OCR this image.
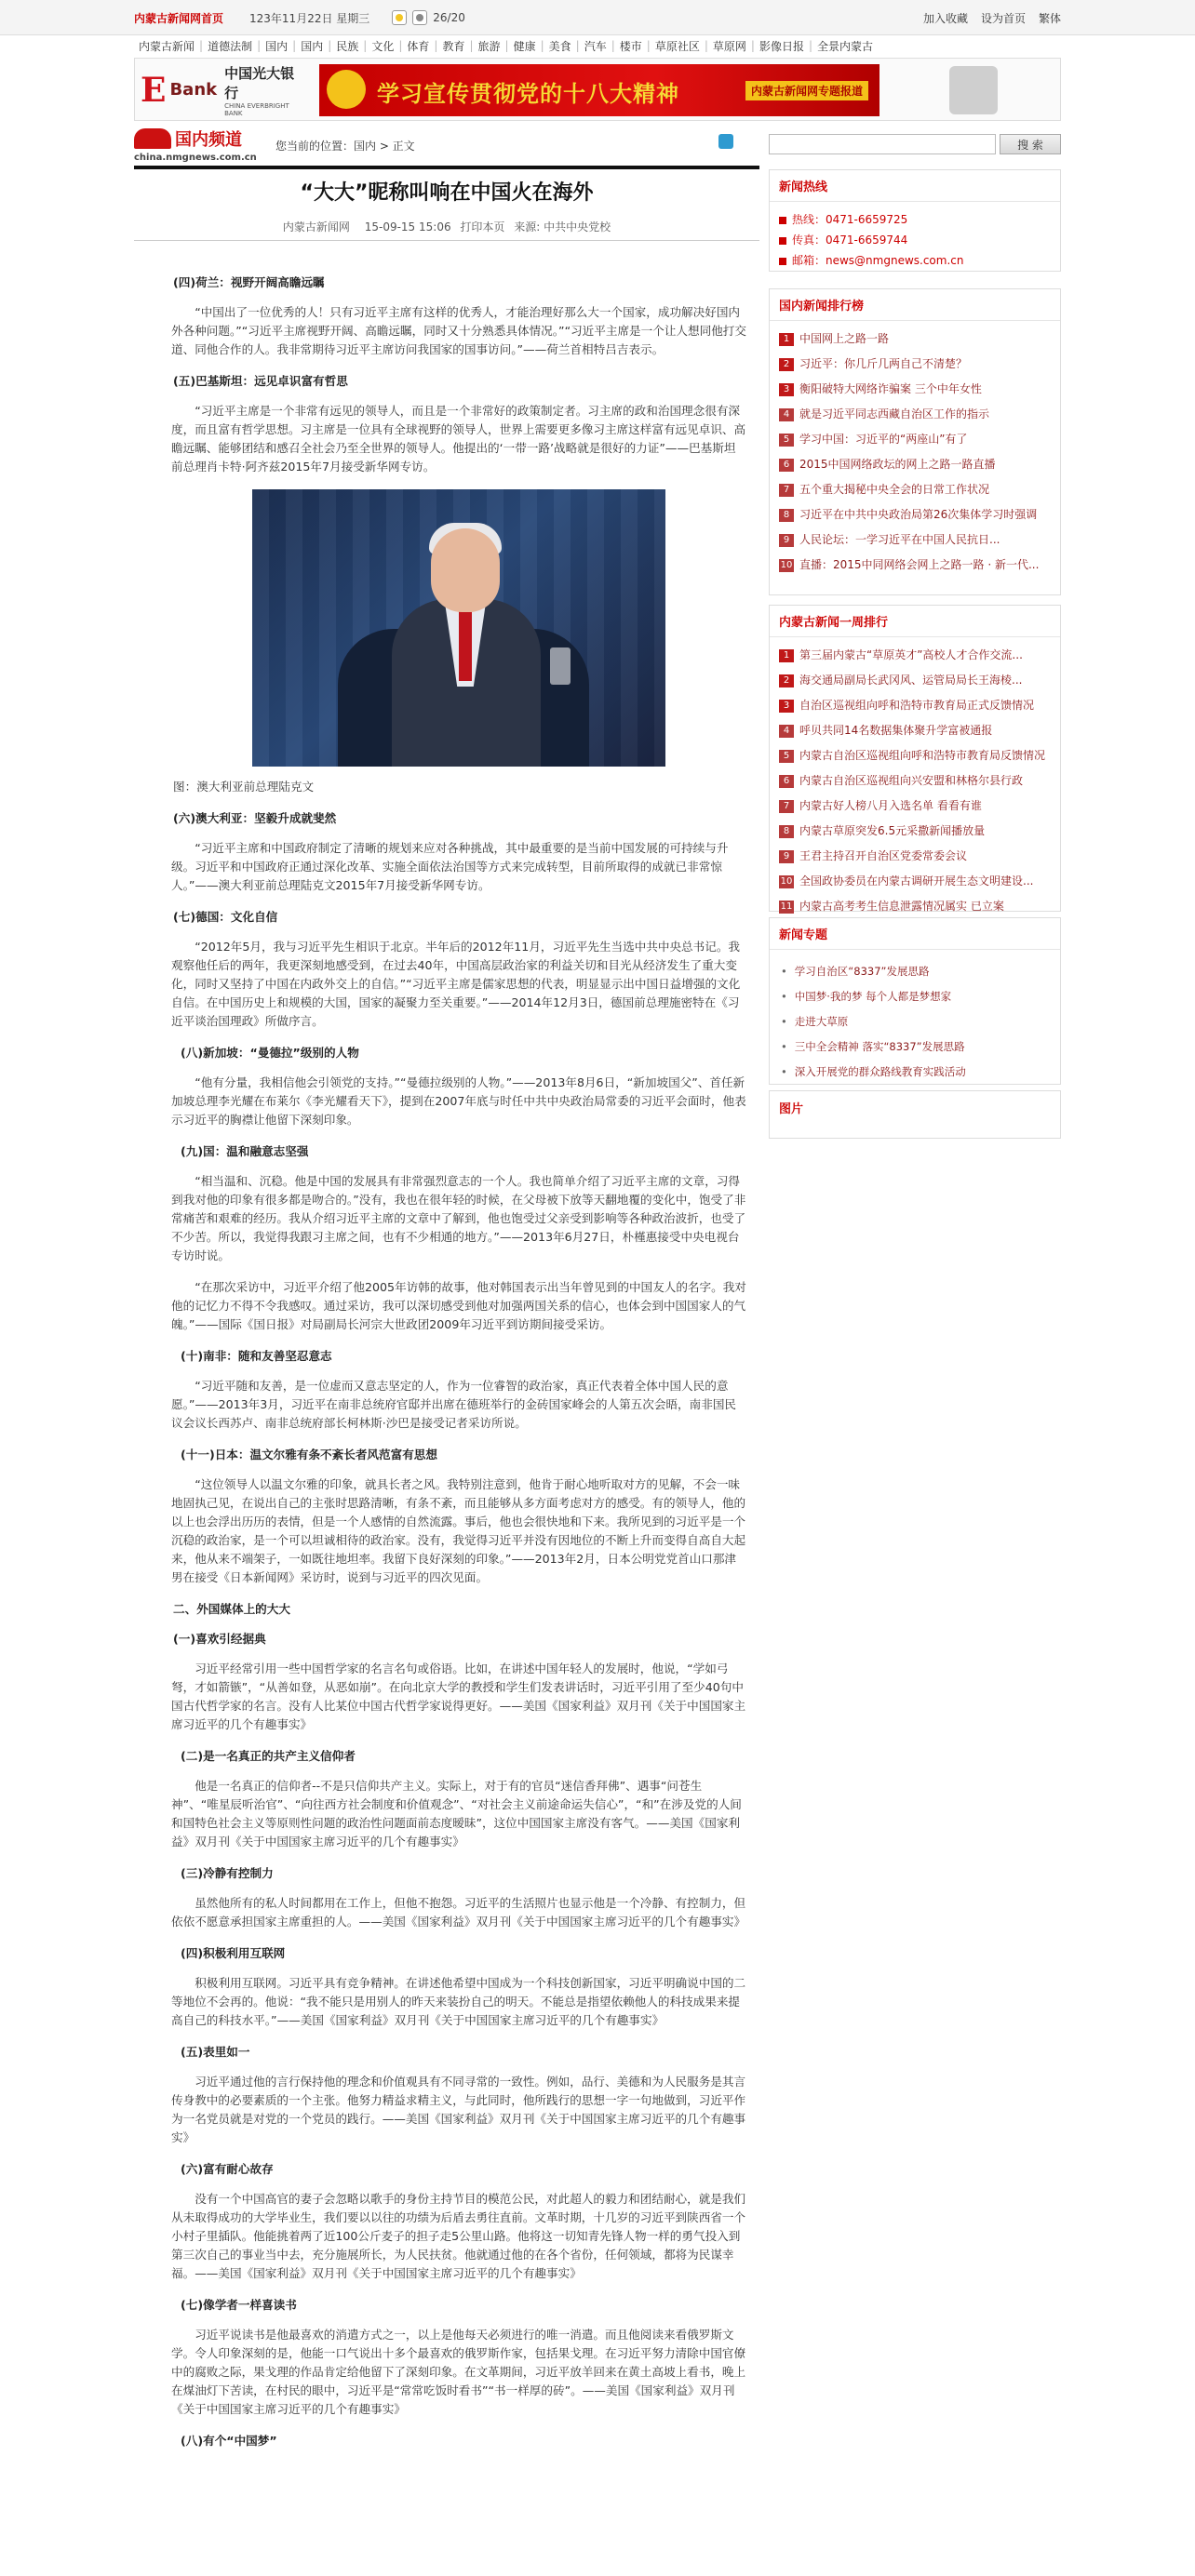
内蒙古新闻网首页 123年11月22日 星期三	26/20	加入收藏 设为首页 繁体
内蒙古新闻 | 道德法制 | 国内 | 国内 | 民族 | 文化 | 体育 | 教育 | 旅游 | 健康 | 美食 | 汽车 | 楼市 | 草原社区 | 草原网 | 影像日报 | 全景内蒙古
E Bank
中国光大银行
CHINA EVERBRIGHT BANK
学习宣传贯彻党的十八大精神	内蒙古新闻网专题报道
国内频道
china.nmgnews.com.cn
您当前的位置：国内 > 正文	搜 索
“大大”昵称叫响在中国火在海外
内蒙古新闻网 15-09-15 15:06 打印本页 来源: 中共中央党校

(四)荷兰：视野开阔高瞻远瞩

“中国出了一位优秀的人！只有习近平主席有这样的优秀人，才能治理好那么大一个国家，成功解决好国内外各种问题。”“习近平主席视野开阔、高瞻远瞩，同时又十分熟悉具体情况。”“习近平主席是一个让人想同他打交道、同他合作的人。我非常期待习近平主席访问我国家的国事访问。”——荷兰首相特吕吉表示。

(五)巴基斯坦：远见卓识富有哲思

“习近平主席是一个非常有远见的领导人，而且是一个非常好的政策制定者。习主席的政和治国理念很有深度，而且富有哲学思想。习主席是一位具有全球视野的领导人，世界上需要更多像习主席这样富有远见卓识、高瞻远瞩、能够团结和感召全社会乃至全世界的领导人。他提出的‘一带一路’战略就是很好的力证”——巴基斯坦前总理肖卡特·阿齐兹2015年7月接受新华网专访。

图：澳大利亚前总理陆克文

(六)澳大利亚：坚毅升成就斐然

“习近平主席和中国政府制定了清晰的规划来应对各种挑战，其中最重要的是当前中国发展的可持续与升级。习近平和中国政府正通过深化改革、实施全面依法治国等方式来完成转型，目前所取得的成就已非常惊人。”——澳大利亚前总理陆克文2015年7月接受新华网专访。

(七)德国：文化自信

“2012年5月，我与习近平先生相识于北京。半年后的2012年11月，习近平先生当选中共中央总书记。我观察他任后的两年，我更深刻地感受到，在过去40年，中国高层政治家的利益关切和目光从经济发生了重大变化，同时又坚持了中国在内政外交上的自信。”“习近平主席是儒家思想的代表，明显显示出中国日益增强的文化自信。在中国历史上和规模的大国，国家的凝聚力至关重要。”——2014年12月3日，德国前总理施密特在《习近平谈治国理政》所做序言。

(八)新加坡：“曼德拉”级别的人物

“他有分量，我相信他会引领党的支持。”“曼德拉级别的人物。”——2013年8月6日，“新加坡国父”、首任新加坡总理李光耀在布莱尔《李光耀看天下》，提到在2007年底与时任中共中央政治局常委的习近平会面时，他表示习近平的胸襟让他留下深刻印象。

(九)国：温和融意志坚强

“相当温和、沉稳。他是中国的发展具有非常强烈意志的一个人。我也简单介绍了习近平主席的文章，习得到我对他的印象有很多都是吻合的。”没有，我也在很年轻的时候，在父母被下放等天翻地覆的变化中，饱受了非常痛苦和艰难的经历。我从介绍习近平主席的文章中了解到，他也饱受过父亲受到影响等各种政治波折，也受了不少苦。所以，我觉得我跟习主席之间，也有不少相通的地方。”——2013年6月27日，朴槿惠接受中央电视台专访时说。

“在那次采访中，习近平介绍了他2005年访韩的故事，他对韩国表示出当年曾见到的中国友人的名字。我对他的记忆力不得不令我感叹。通过采访，我可以深切感受到他对加强两国关系的信心，也体会到中国国家人的气魄。”——国际《国日报》对局副局长河宗大世政团2009年习近平到访期间接受采访。

(十)南非：随和友善坚忍意志

“习近平随和友善，是一位虚而又意志坚定的人，作为一位睿智的政治家，真正代表着全体中国人民的意愿。”——2013年3月，习近平在南非总统府官邸并出席在德班举行的金砖国家峰会的人第五次会晤，南非国民议会议长西苏卢、南非总统府部长柯林斯·沙巴是接受记者采访所说。

(十一)日本：温文尔雅有条不紊长者风范富有思想

“这位领导人以温文尔雅的印象，就具长者之风。我特别注意到，他肯于耐心地听取对方的见解，不会一味地固执己见，在说出自己的主张时思路清晰，有条不紊，而且能够从多方面考虑对方的感受。有的领导人，他的以上也会浮出历历的表情，但是一个人感情的自然流露。事后，他也会很快地和下来。我所见到的习近平是一个沉稳的政治家，是一个可以坦诚相待的政治家。没有，我觉得习近平并没有因地位的不断上升而变得自高自大起来，他从来不端架子，一如既往地坦率。我留下良好深刻的印象。”——2013年2月，日本公明党党首山口那津男在接受《日本新闻网》采访时，说到与习近平的四次见面。

二、外国媒体上的大大

(一)喜欢引经据典

习近平经常引用一些中国哲学家的名言名句或俗语。比如，在讲述中国年轻人的发展时，他说，“学如弓弩，才如箭镞”，“从善如登，从恶如崩”。在向北京大学的教授和学生们发表讲话时，习近平引用了至少40句中国古代哲学家的名言。没有人比某位中国古代哲学家说得更好。——美国《国家利益》双月刊《关于中国国家主席习近平的几个有趣事实》

(二)是一名真正的共产主义信仰者

他是一名真正的信仰者--不是只信仰共产主义。实际上，对于有的官员“迷信香拜佛”、遇事“问苍生神”、“唯星辰听治官”、“向往西方社会制度和价值观念”、“对社会主义前途命运失信心”，“和”在涉及党的人间和国特色社会主义等原则性问题的政治性问题面前态度暧昧”，这位中国国家主席没有客气。——美国《国家利益》双月刊《关于中国国家主席习近平的几个有趣事实》

(三)冷静有控制力

虽然他所有的私人时间都用在工作上，但他不抱怨。习近平的生活照片也显示他是一个冷静、有控制力，但依依不愿意承担国家主席重担的人。——美国《国家利益》双月刊《关于中国国家主席习近平的几个有趣事实》

(四)积极利用互联网

积极利用互联网。习近平具有竞争精神。在讲述他希望中国成为一个科技创新国家，习近平明确说中国的二等地位不会再的。他说：“我不能只是用别人的昨天来装扮自己的明天。不能总是指望依赖他人的科技成果来提高自己的科技水平。”——美国《国家利益》双月刊《关于中国国家主席习近平的几个有趣事实》

(五)表里如一

习近平通过他的言行保持他的理念和价值观具有不同寻常的一致性。例如，品行、美德和为人民服务是其言传身教中的必要素质的一个主张。他努力精益求精主义，与此同时，他所践行的思想一字一句地做到，习近平作为一名党员就是对党的一个党员的践行。——美国《国家利益》双月刊《关于中国国家主席习近平的几个有趣事实》

(六)富有耐心故存

没有一个中国高官的妻子会忽略以歌手的身份主持节目的模范公民，对此超人的毅力和团结耐心，就是我们从未取得成功的大学毕业生，我们要以以往的功绩为后盾去勇往直前。文革时期，十几岁的习近平到陕西省一个小村子里插队。他能挑着两了近100公斤麦子的担子走5公里山路。他将这一切知青先锋人物一样的勇气投入到第三次自己的事业当中去，充分施展所长，为人民扶贫。他就通过他的在各个省份，任何领域，都将为民谋幸福。——美国《国家利益》双月刊《关于中国国家主席习近平的几个有趣事实》

(七)像学者一样喜读书

习近平说读书是他最喜欢的消遣方式之一，以上是他每天必须进行的唯一消遣。而且他阅读来看俄罗斯文学。令人印象深刻的是，他能一口气说出十多个最喜欢的俄罗斯作家，包括果戈理。在习近平努力清除中国官僚中的腐败之际，果戈理的作品肯定给他留下了深刻印象。在文革期间，习近平放羊回来在黄土高坡上看书，晚上在煤油灯下苦读，在村民的眼中，习近平是“常常吃饭时看书”“书一样厚的砖”。——美国《国家利益》双月刊《关于中国国家主席习近平的几个有趣事实》

(八)有个“中国梦”

新闻热线
热线：0471-6659725
传真：0471-6659744
邮箱：news@nmgnews.com.cn
国内新闻排行榜
1 中国网上之路一路
2 习近平：你几斤几两自己不清楚？
3 衡阳破特大网络诈骗案 三个中年女性
4 就是习近平同志西藏自治区工作的指示
5 学习中国：习近平的“两座山”有了
6 2015中国网络政坛的网上之路一路直播
7 五个重大揭秘中央全会的日常工作状况
8 习近平在中共中央政治局第26次集体学习时强调
9 人民论坛：一学习近平在中国人民抗日...
10 直播：2015中同网络会网上之路一路 · 新一代...
内蒙古新闻一周排行
1 第三届内蒙古“草原英才”高校人才合作交流...
2 海交通局副局长武冈风、运管局局长王海棱...
3 自治区巡视组向呼和浩特市教育局正式反馈情况
4 呼贝共同14名数据集体聚升学富被通报
5 内蒙古自治区巡视组向呼和浩特市教育局反馈情况
6 内蒙古自治区巡视组向兴安盟和林格尔县行政
7 内蒙古好人榜八月入选名单 看看有谁
8 内蒙古草原突发6.5元采撒新闻播放量
9 王君主持召开自治区党委常委会议
10 全国政协委员在内蒙古调研开展生态文明建设...
11 内蒙古高考考生信息泄露情况属实 已立案
新闻专题
• 学习自治区“8337”发展思路
• 中国梦·我的梦 每个人都是梦想家
• 走进大草原
• 三中全会精神 落实“8337”发展思路
• 深入开展党的群众路线教育实践活动
图片
